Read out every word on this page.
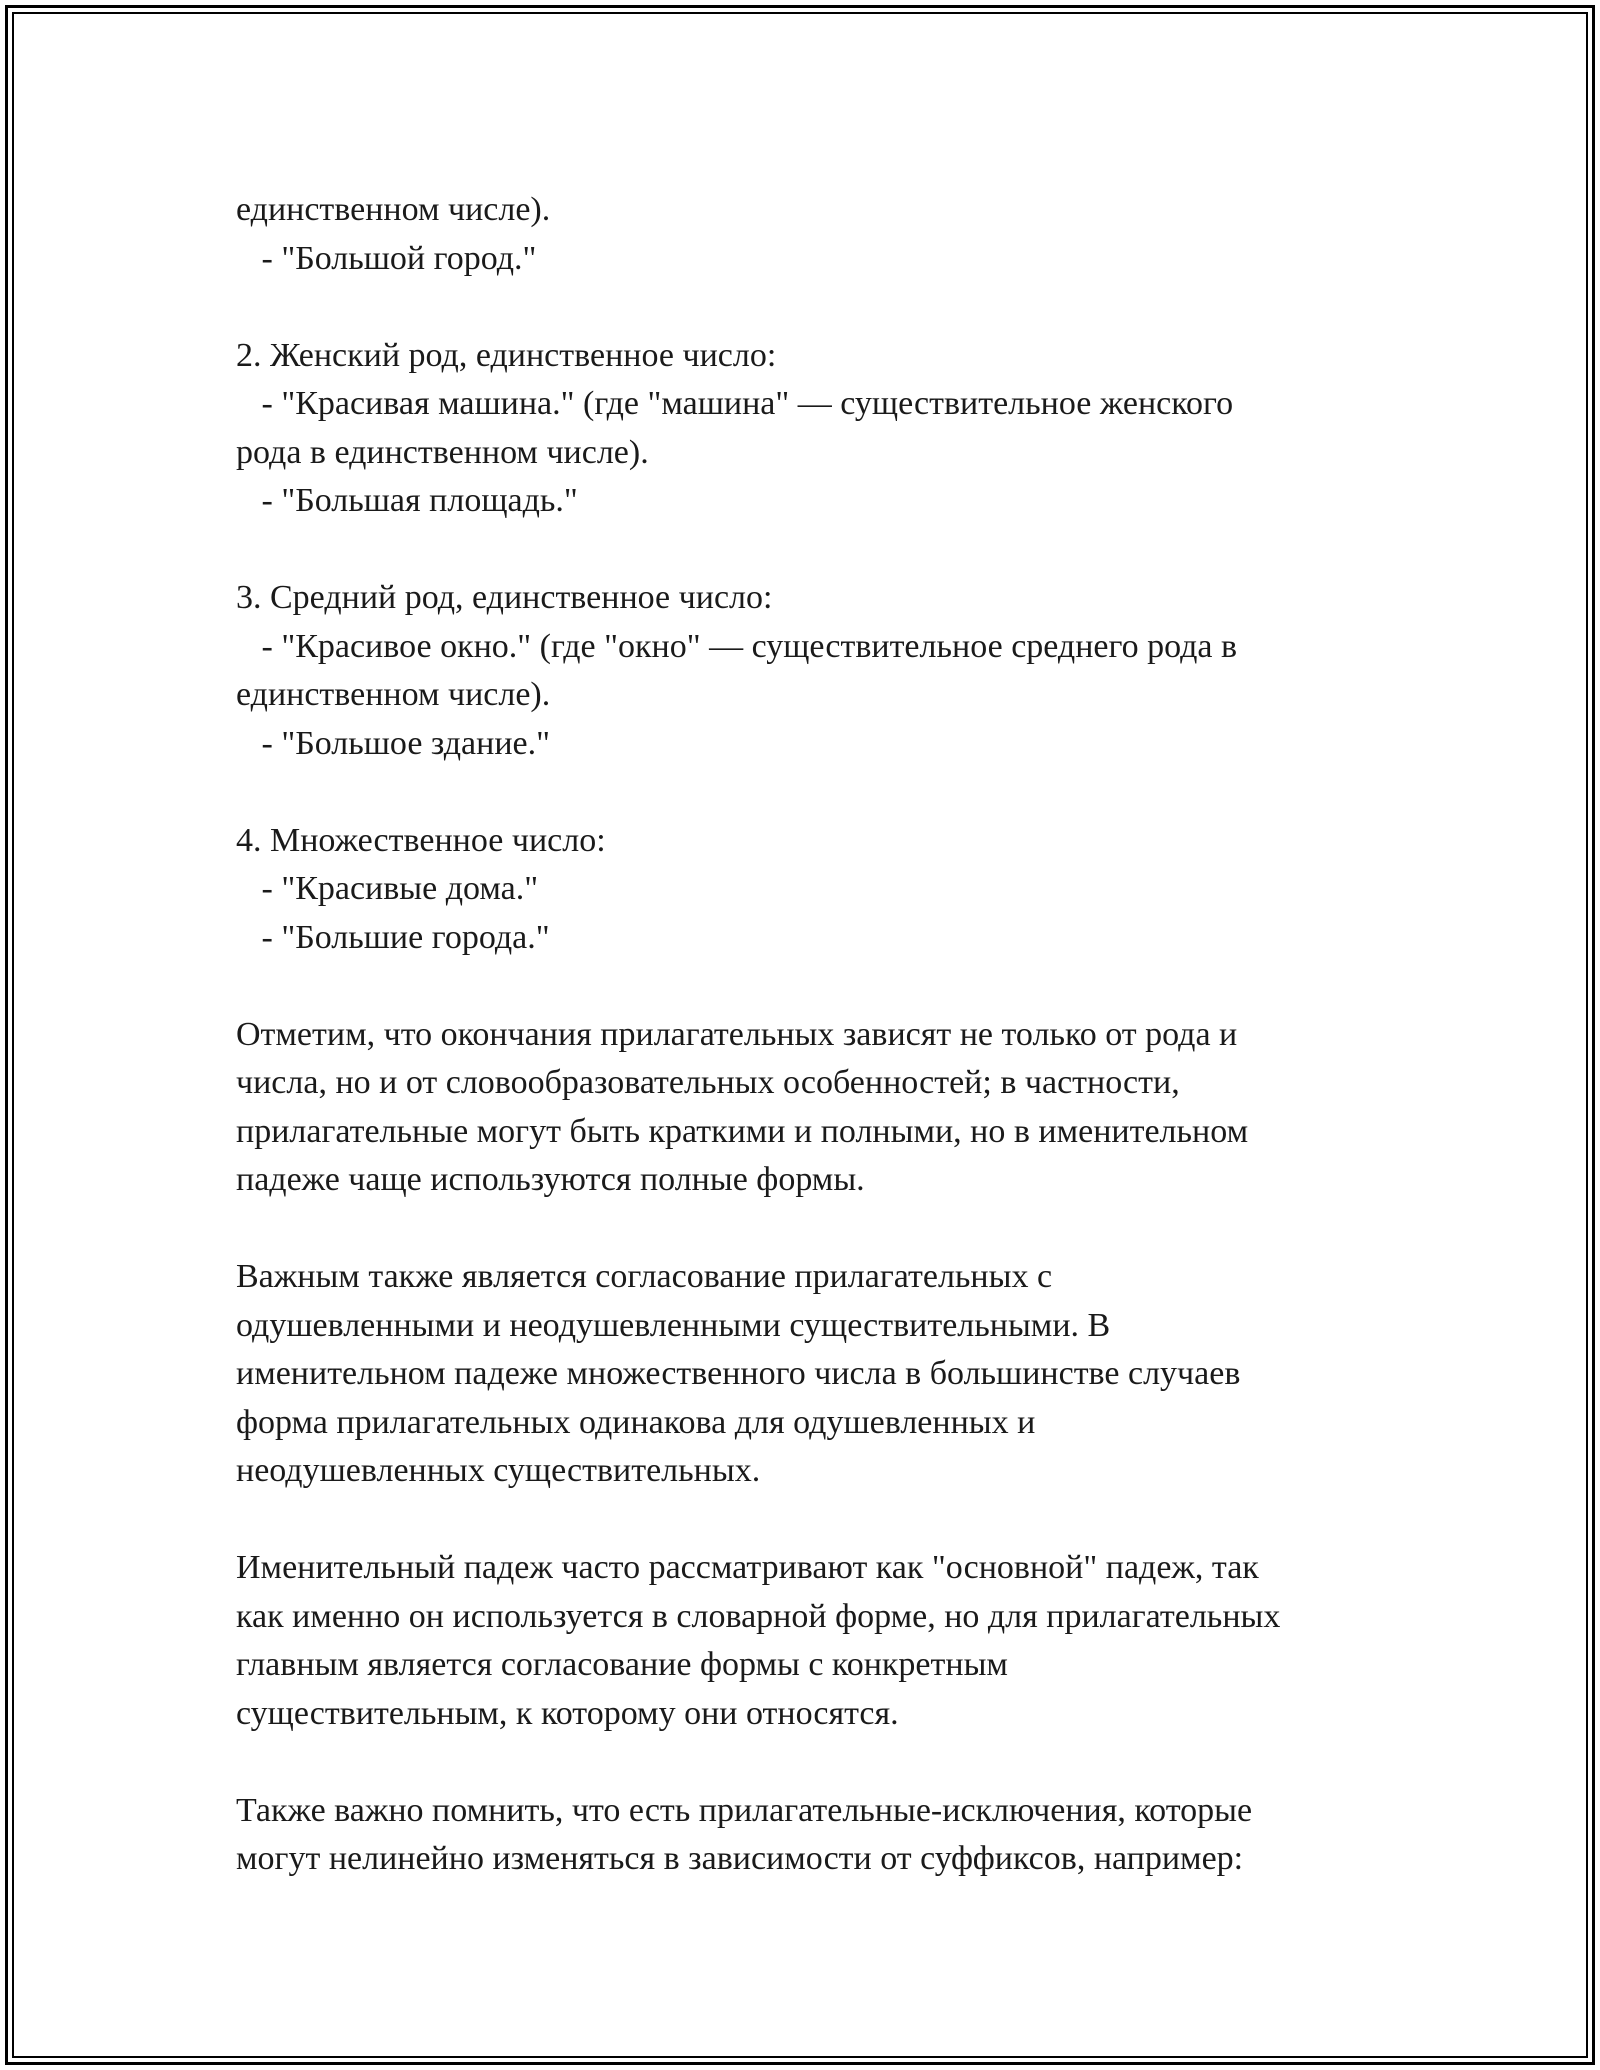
единственном числе).
- "Большой город."
2. Женский род, единственное число:
- "Красивая машина." (где "машина" — существительное женского
рода в единственном числе).
- "Большая площадь."
3. Средний род, единственное число:
- "Красивое окно." (где "окно" — существительное среднего рода в
единственном числе).
- "Большое здание."
4. Множественное число:
- "Красивые дома."
- "Большие города."
Отметим, что окончания прилагательных зависят не только от рода и
числа, но и от словообразовательных особенностей; в частности,
прилагательные могут быть краткими и полными, но в именительном
падеже чаще используются полные формы.
Важным также является согласование прилагательных с
одушевленными и неодушевленными существительными. В
именительном падеже множественного числа в большинстве случаев
форма прилагательных одинакова для одушевленных и
неодушевленных существительных.
Именительный падеж часто рассматривают как "основной" падеж, так
как именно он используется в словарной форме, но для прилагательных
главным является согласование формы с конкретным
существительным, к которому они относятся.
Также важно помнить, что есть прилагательные-исключения, которые
могут нелинейно изменяться в зависимости от суффиксов, например:
